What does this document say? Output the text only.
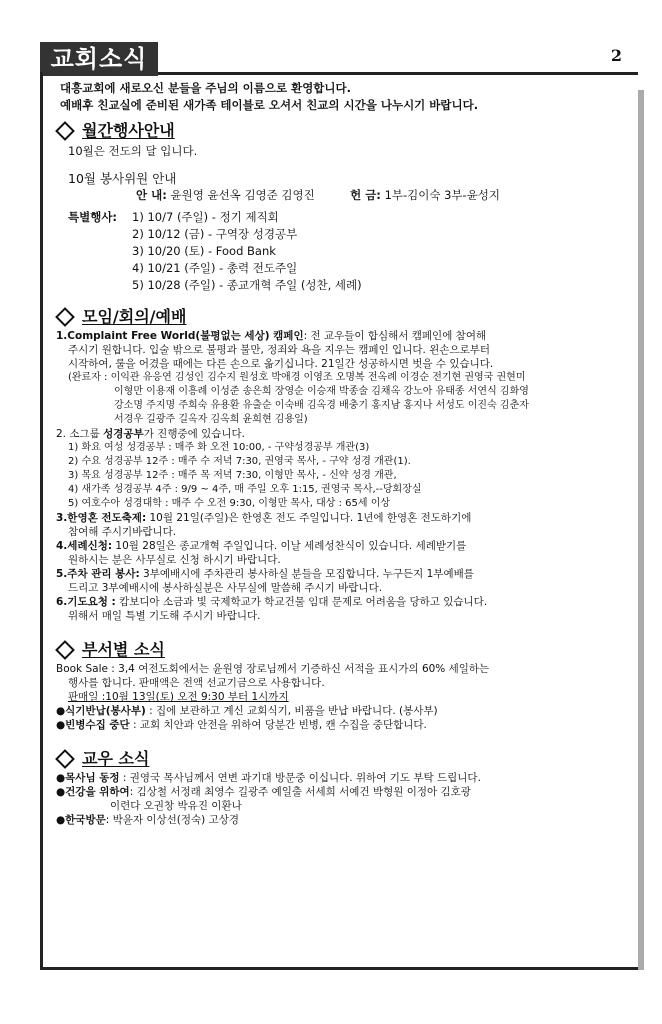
교회소식	2
대흥교회에 새로오신 분들을 주님의 이름으로 환영합니다.
예배후 친교실에 준비된 새가족 테이블로 오셔서 친교의 시간을 나누시기 바랍니다.
월간행사안내
10월은 전도의 달 입니다.
10월 봉사위원 안내
안 내: 윤원영 윤선옥 김영준 김영진	헌 금: 1부-김이숙 3부-윤성지
특별행사:	1) 10/7 (주일) - 정기 제직회
2) 10/12 (금) - 구역장 성경공부
3) 10/20 (토) - Food Bank
4) 10/21 (주일) - 총력 전도주일
5) 10/28 (주일) - 종교개혁 주일 (성찬, 세례)
모임/회의/예배
1.Complaint Free World(불평없는 세상) 캠페인: 전 교우들이 합심해서 캠페인에 참여해
주시기 원합니다. 입술 밖으로 불평과 불만, 정죄와 욕을 지우는 캠페인 입니다. 왼손으로부터
시작하여, 룰을 어겼을 때에는 다른 손으로 옮기십니다. 21일간 성공하시면 벗을 수 있습니다.
(완료자 : 이익관 유응연 김성인 김수지 원성호 박애경 이영조 오명복 전옥례 이경순 전기현 권영국 권현미
이형만 이용재 이흥례 이성준 송은희 장영순 이승재 박종술 김채옥 강노아 유태종 서연식 김화영
강소명 주지명 주희숙 유용환 유출순 이숙배 김옥경 배충기 홍지남 홍지나 서성도 이진숙 김춘자
서경우 길광주 길옥자 김옥희 윤희현 김용일)
2. 소그룹 성경공부가 진행중에 있습니다.
1) 화요 여성 성경공부 : 매주 화 오전 10:00, - 구약성경공부 개관(3)
2) 수요 성경공부 12주 : 매주 수 저녁 7:30, 권영국 목사, - 구약 성경 개관(1).
3) 목요 성경공부 12주 : 매주 목 저녁 7:30, 이형만 목사, - 신약 성경 개관,
4) 새가족 성경공부 4주 : 9/9 ~ 4주, 매 주일 오후 1:15, 권영국 목사,--당회장실
5) 여호수아 성경대학 : 매주 수 오전 9:30, 이형만 목사, 대상 : 65세 이상
3.한영혼 전도축제: 10월 21일(주일)은 한영혼 전도 주일입니다. 1년에 한영혼 전도하기에
참여해 주시기바랍니다.
4.세례신청: 10월 28일은 종교개혁 주일입니다. 이날 세례성찬식이 있습니다. 세례받기를
원하시는 분은 사무실로 신청 하시기 바랍니다.
5.주차 관리 봉사: 3부예배시에 주차관리 봉사하실 분들을 모집합니다. 누구든지 1부예배를
드리고 3부예배시에 봉사하실분은 사무실에 말씀해 주시기 바랍니다.
6.기도요청 : 캄보디아 소금과 빛 국제학교가 학교건물 임대 문제로 어려움을 당하고 있습니다.
위해서 매일 특별 기도해 주시기 바랍니다.
부서별 소식
Book Sale : 3,4 여전도회에서는 윤원영 장로님께서 기증하신 서적을 표시가의 60% 세일하는
행사를 합니다. 판매액은 전액 선교기금으로 사용합니다.
판매일 :10월 13일(토) 오전 9:30 부터 1시까지
●식기반납(봉사부) : 집에 보관하고 계신 교회식기, 비품을 반납 바랍니다. (봉사부)
●빈병수집 중단 : 교회 치안과 안전을 위하여 당분간 빈병, 캔 수집을 중단합니다.
교우 소식
●목사님 동정 : 권영국 목사님께서 연변 과기대 방문중 이십니다. 위하여 기도 부탁 드립니다.
●건강을 위하여: 김상철 서정래 최영수 길광주 예일출 서세희 서예건 박형원 이정아 김호광
이련다 오권창 박유진 이환나
●한국방문: 박윤자 이상선(정숙) 고상경
